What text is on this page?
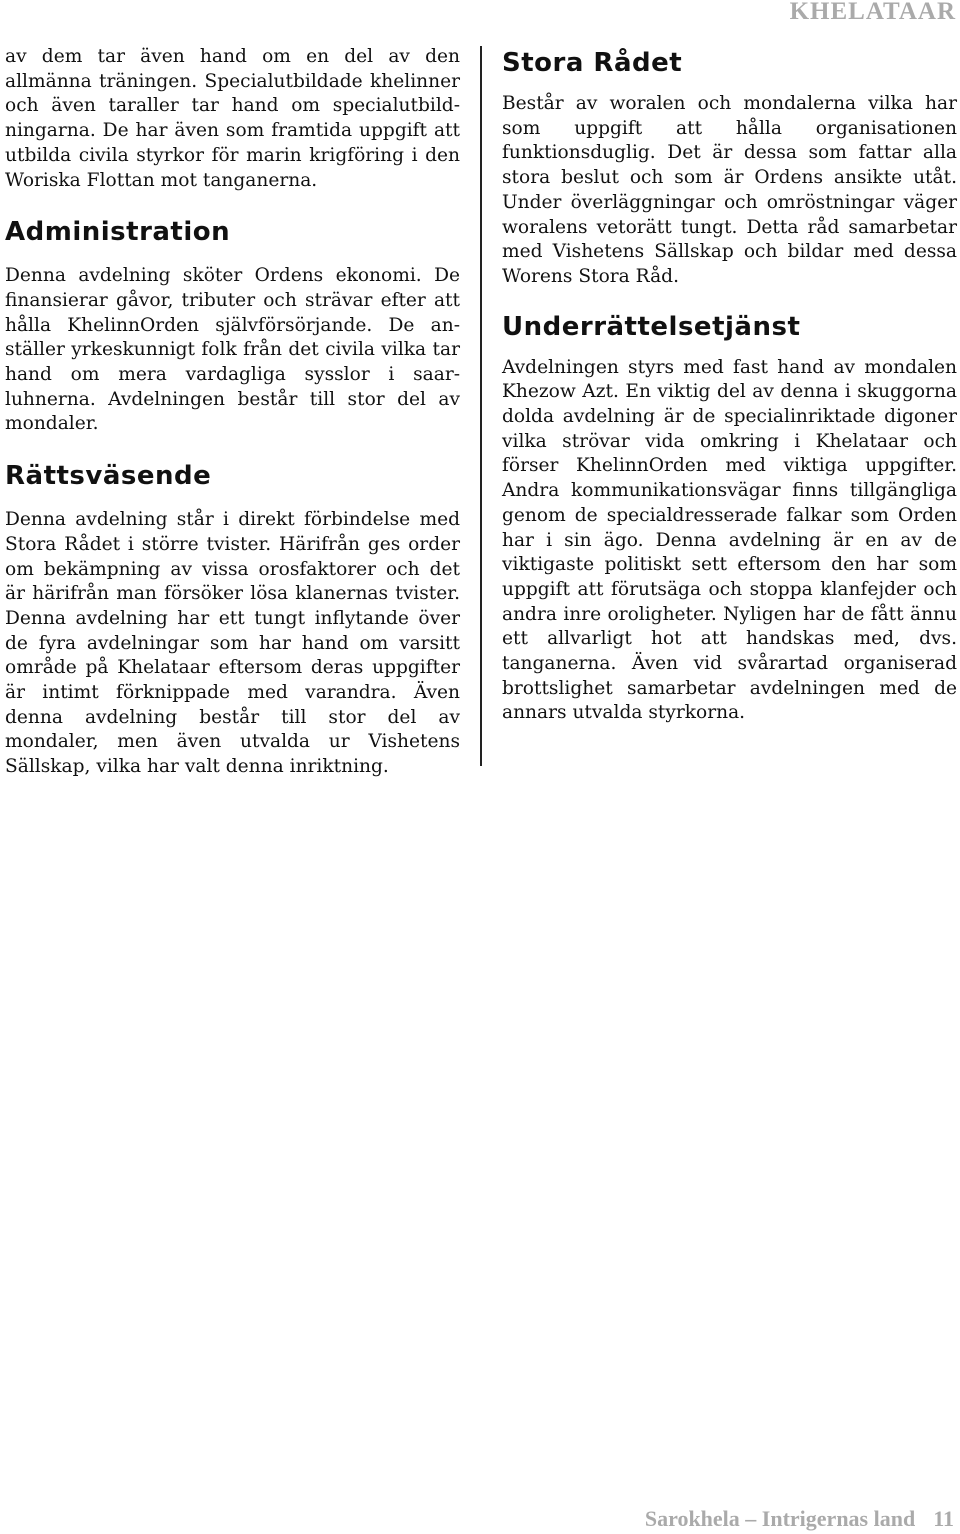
KHELATAAR

av dem tar även hand om en del av den allmänna träningen. Specialutbildade khelinner och även taraller tar hand om specialutbild-ningarna. De har även som framtida uppgift att utbilda civila styrkor för marin krigföring i den Woriska Flottan mot tanganerna.

Administration

Denna avdelning sköter Ordens ekonomi. De finansierar gåvor, tributer och strävar efter att hålla KhelinnOrden självförsörjande. De an-ställer yrkeskunnigt folk från det civila vilka tar hand om mera vardagliga sysslor i saar-luhnerna. Avdelningen består till stor del av mondaler.

Rättsväsende

Denna avdelning står i direkt förbindelse med Stora Rådet i större tvister. Härifrån ges order om bekämpning av vissa orosfaktorer och det är härifrån man försöker lösa klanernas tvister. Denna avdelning har ett tungt inflytande över de fyra avdelningar som har hand om varsitt område på Khelataar eftersom deras uppgifter är intimt förknippade med varandra. Även denna avdelning består till stor del av mondaler, men även utvalda ur Vishetens Sällskap, vilka har valt denna inriktning.

Stora Rådet

Består av woralen och mondalerna vilka har som uppgift att hålla organisationen funktionsduglig. Det är dessa som fattar alla stora beslut och som är Ordens ansikte utåt. Under överläggningar och omröstningar väger woralens vetorätt tungt. Detta råd samarbetar med Vishetens Sällskap och bildar med dessa Worens Stora Råd.

Underrättelsetjänst

Avdelningen styrs med fast hand av mondalen Khezow Azt. En viktig del av denna i skuggorna dolda avdelning är de specialinriktade digoner vilka strövar vida omkring i Khelataar och förser KhelinnOrden med viktiga uppgifter. Andra kommunikationsvägar finns tillgängliga genom de specialdresserade falkar som Orden har i sin ägo. Denna avdelning är en av de viktigaste politiskt sett eftersom den har som uppgift att förutsäga och stoppa klanfejder och andra inre oroligheter. Nyligen har de fått ännu ett allvarligt hot att handskas med, dvs. tanganerna. Även vid svårartad organiserad brottslighet samarbetar avdelningen med de annars utvalda styrkorna.

Sarokhela – Intrigernas land 11
